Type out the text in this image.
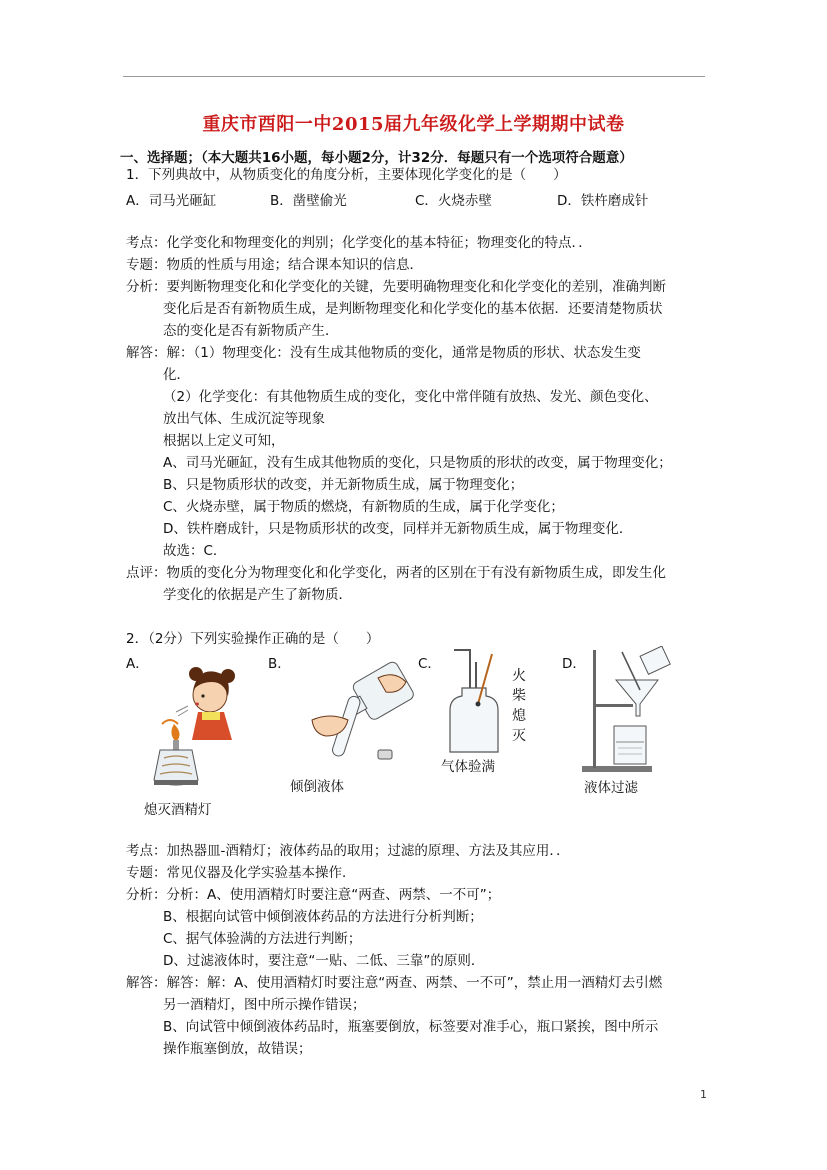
重庆市酉阳一中2015届九年级化学上学期期中试卷
一、选择题；（本大题共16小题，每小题2分，计32分．每题只有一个选项符合题意）
1．下列典故中，从物质变化的角度分析，主要体现化学变化的是（　　）
A．司马光砸缸	B．凿壁偷光	C．火烧赤壁	D．铁杵磨成针
考点：化学变化和物理变化的判别；化学变化的基本特征；物理变化的特点．．
专题：物质的性质与用途；结合课本知识的信息．
分析：要判断物理变化和化学变化的关键，先要明确物理变化和化学变化的差别，准确判断
变化后是否有新物质生成，是判断物理变化和化学变化的基本依据．还要清楚物质状
态的变化是否有新物质产生．
解答：解：（1）物理变化：没有生成其他物质的变化，通常是物质的形状、状态发生变
化．
（2）化学变化：有其他物质生成的变化，变化中常伴随有放热、发光、颜色变化、
放出气体、生成沉淀等现象
根据以上定义可知，
A、司马光砸缸，没有生成其他物质的变化，只是物质的形状的改变，属于物理变化；
B、只是物质形状的改变，并无新物质生成，属于物理变化；
C、火烧赤壁，属于物质的燃烧，有新物质的生成，属于化学变化；
D、铁杵磨成针，只是物质形状的改变，同样并无新物质生成，属于物理变化．
故选：C．
点评：物质的变化分为物理变化和化学变化，两者的区别在于有没有新物质生成，即发生化
学变化的依据是产生了新物质．
2．（2分）下列实验操作正确的是（　　）
A．	B．	C．	D．
熄灭酒精灯
倾倒液体
火
柴
熄
灭
气体验满
液体过滤
考点：加热器皿-酒精灯；液体药品的取用；过滤的原理、方法及其应用．．
专题：常见仪器及化学实验基本操作．
分析：分析：A、使用酒精灯时要注意“两查、两禁、一不可”；
B、根据向试管中倾倒液体药品的方法进行分析判断；
C、据气体验满的方法进行判断；
D、过滤液体时，要注意“一贴、二低、三靠”的原则．
解答：解答：解：A、使用酒精灯时要注意“两查、两禁、一不可”，禁止用一酒精灯去引燃
另一酒精灯，图中所示操作错误；
B、向试管中倾倒液体药品时，瓶塞要倒放，标签要对准手心，瓶口紧挨，图中所示
操作瓶塞倒放，故错误；
1
